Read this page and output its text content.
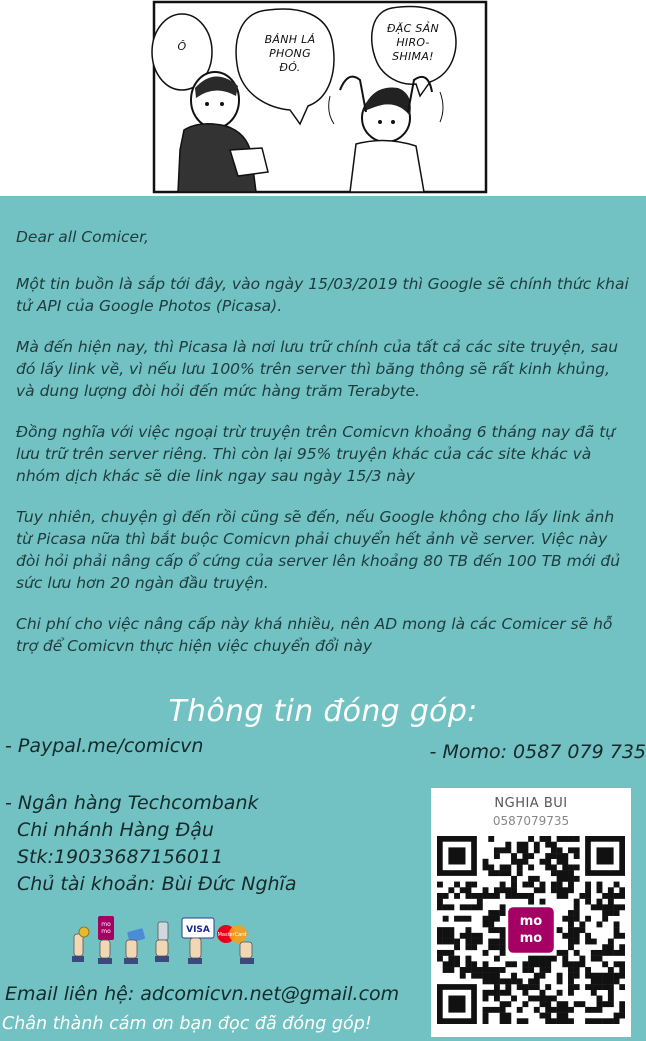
Ô
BÁNH LÁ
PHONG
ĐÓ.
ĐẶC SẢN
HIRO-
SHIMA!

Dear all Comicer,

Một tin buồn là sắp tới đây, vào ngày 15/03/2019 thì Google sẽ chính thức khai tử API của Google Photos (Picasa).

Mà đến hiện nay, thì Picasa là nơi lưu trữ chính của tất cả các site truyện, sau đó lấy link về, vì nếu lưu 100% trên server thì băng thông sẽ rất kinh khủng, và dung lượng đòi hỏi đến mức hàng trăm Terabyte.

Đồng nghĩa với việc ngoại trừ truyện trên Comicvn khoảng 6 tháng nay đã tự lưu trữ trên server riêng. Thì còn lại 95% truyện khác của các site khác và nhóm dịch khác sẽ die link ngay sau ngày 15/3 này

Tuy nhiên, chuyện gì đến rồi cũng sẽ đến, nếu Google không cho lấy link ảnh từ Picasa nữa thì bắt buộc Comicvn phải chuyển hết ảnh về server. Việc này đòi hỏi phải nâng cấp ổ cứng của server lên khoảng 80 TB đến 100 TB mới đủ sức lưu hơn 20 ngàn đầu truyện.

Chi phí cho việc nâng cấp này khá nhiều, nên AD mong là các Comicer sẽ hỗ trợ để Comicvn thực hiện việc chuyển đổi này

Thông tin đóng góp:
- Paypal.me/comicvn	- Momo: 0587 079 735
- Ngân hàng Techcombank
Chi nhánh Hàng Đậu
Stk:19033687156011
Chủ tài khoản: Bùi Đức Nghĩa
mo
mo	VISA MasterCard
Email liên hệ: adcomicvn.net@gmail.com
Chân thành cám ơn bạn đọc đã đóng góp!
NGHIA BUI
0587079735
mo
mo
